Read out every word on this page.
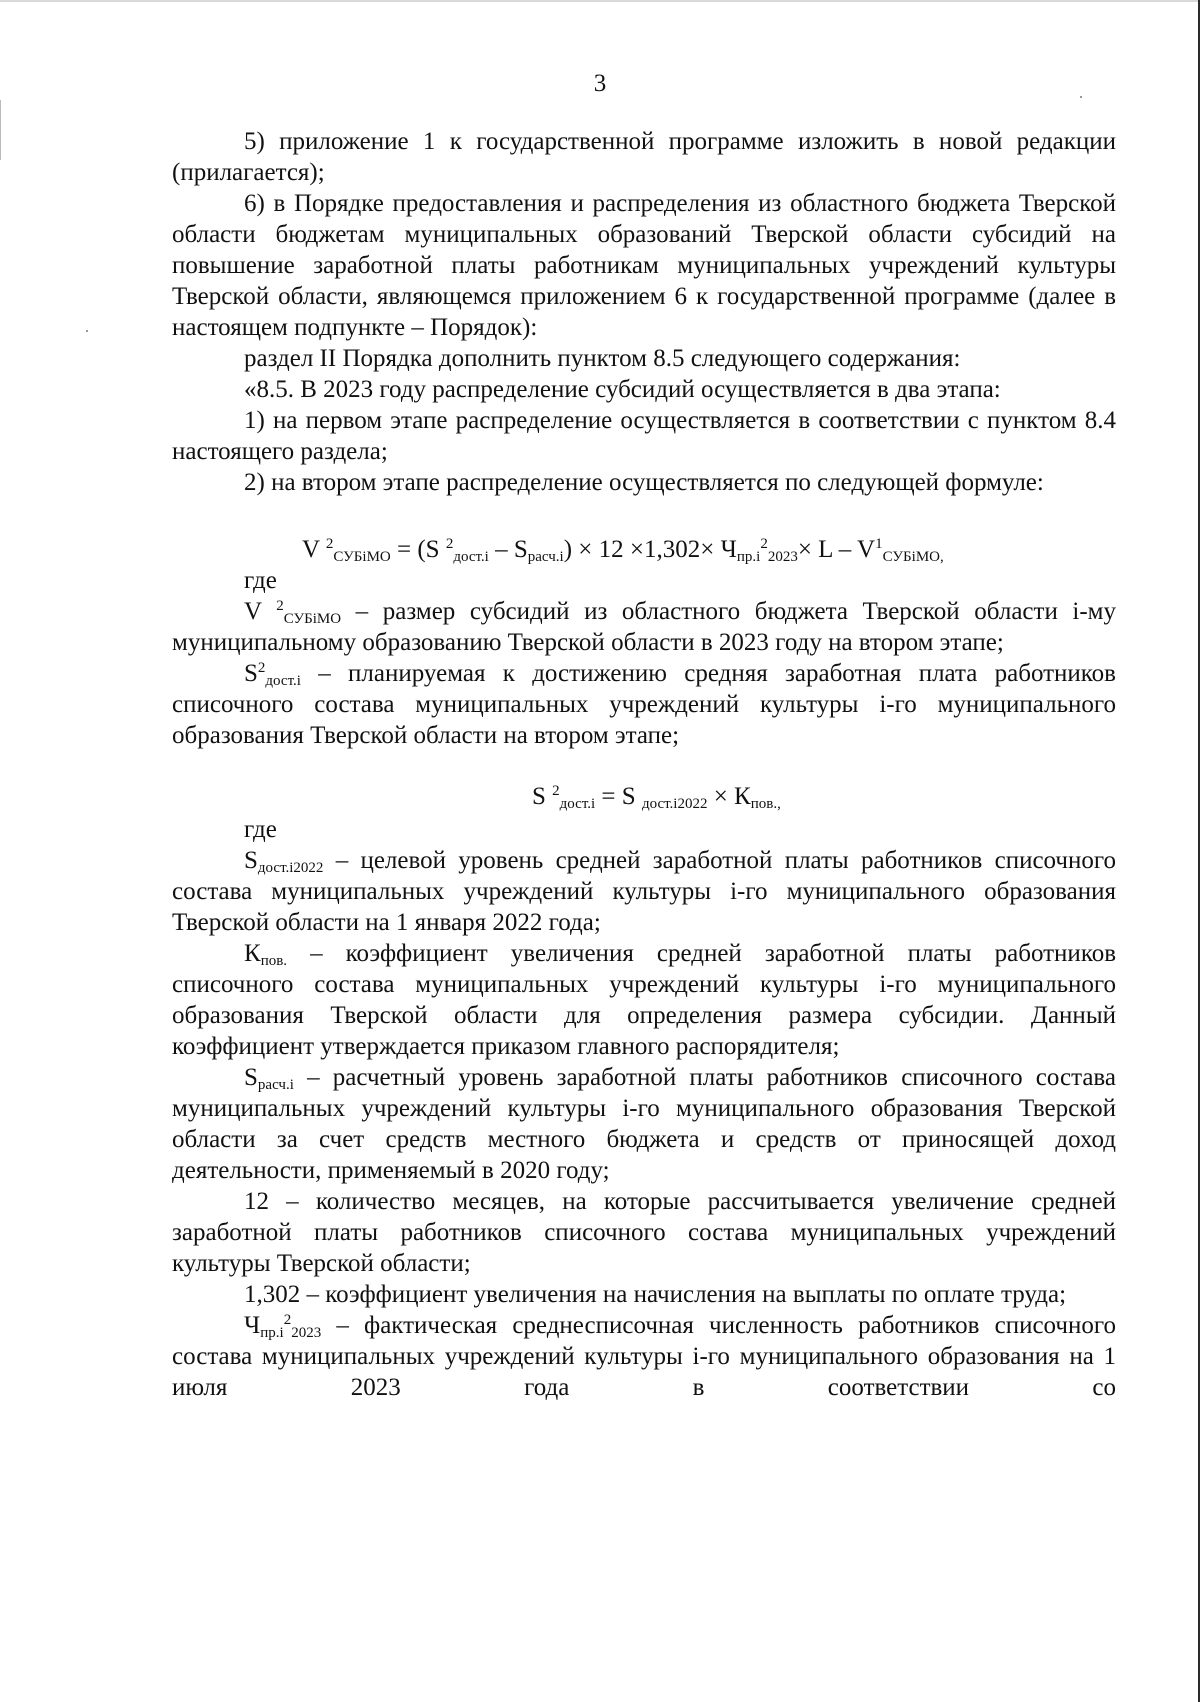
3

5) приложение 1 к государственной программе изложить в новой редакции (прилагается);

6) в Порядке предоставления и распределения из областного бюджета Тверской области бюджетам муниципальных образований Тверской области субсидий на повышение заработной платы работникам муниципальных учреждений культуры Тверской области, являющемся приложением 6 к государственной программе (далее в настоящем подпункте – Порядок):

раздел II Порядка дополнить пунктом 8.5 следующего содержания:

«8.5. В 2023 году распределение субсидий осуществляется в два этапа:

1) на первом этапе распределение осуществляется в соответствии с пунктом 8.4 настоящего раздела;

2) на втором этапе распределение осуществляется по следующей формуле:

V $^2_{СУБiМО}$ = (S $^2_{дост.i} - S_{расч.i}) \times 12 \times 1,302\times Ч_{пр.i}^2_{2023}\times L - V^1_{СУБiМО,}$

где

V $^2_{СУБiМО}$ – размер субсидий из областного бюджета Тверской области i-му муниципальному образованию Тверской области в 2023 году на втором этапе;

$S^2_{дост.i}$ – планируемая к достижению средняя заработная плата работников списочного состава муниципальных учреждений культуры i-го муниципального образования Тверской области на втором этапе;

S $^2_{дост.i}$ = S $_{дост.i2022} \times К_{пов.,}$

где

$S_{дост.i2022}$ – целевой уровень средней заработной платы работников списочного состава муниципальных учреждений культуры i-го муниципального образования Тверской области на 1 января 2022 года;

$К_{пов.}$ – коэффициент увеличения средней заработной платы работников списочного состава муниципальных учреждений культуры i-го муниципального образования Тверской области для определения размера субсидии. Данный коэффициент утверждается приказом главного распорядителя;

$S_{расч.i}$ – расчетный уровень заработной платы работников списочного состава муниципальных учреждений культуры i-го муниципального образования Тверской области за счет средств местного бюджета и средств от приносящей доход деятельности, применяемый в 2020 году;

12 – количество месяцев, на которые рассчитывается увеличение средней заработной платы работников списочного состава муниципальных учреждений культуры Тверской области;

1,302 – коэффициент увеличения на начисления на выплаты по оплате труда;

$Ч_{пр.i}^2_{2023}$ – фактическая среднесписочная численность работников списочного состава муниципальных учреждений культуры i-го муниципального образования на 1 июля 2023 года в соответствии со
